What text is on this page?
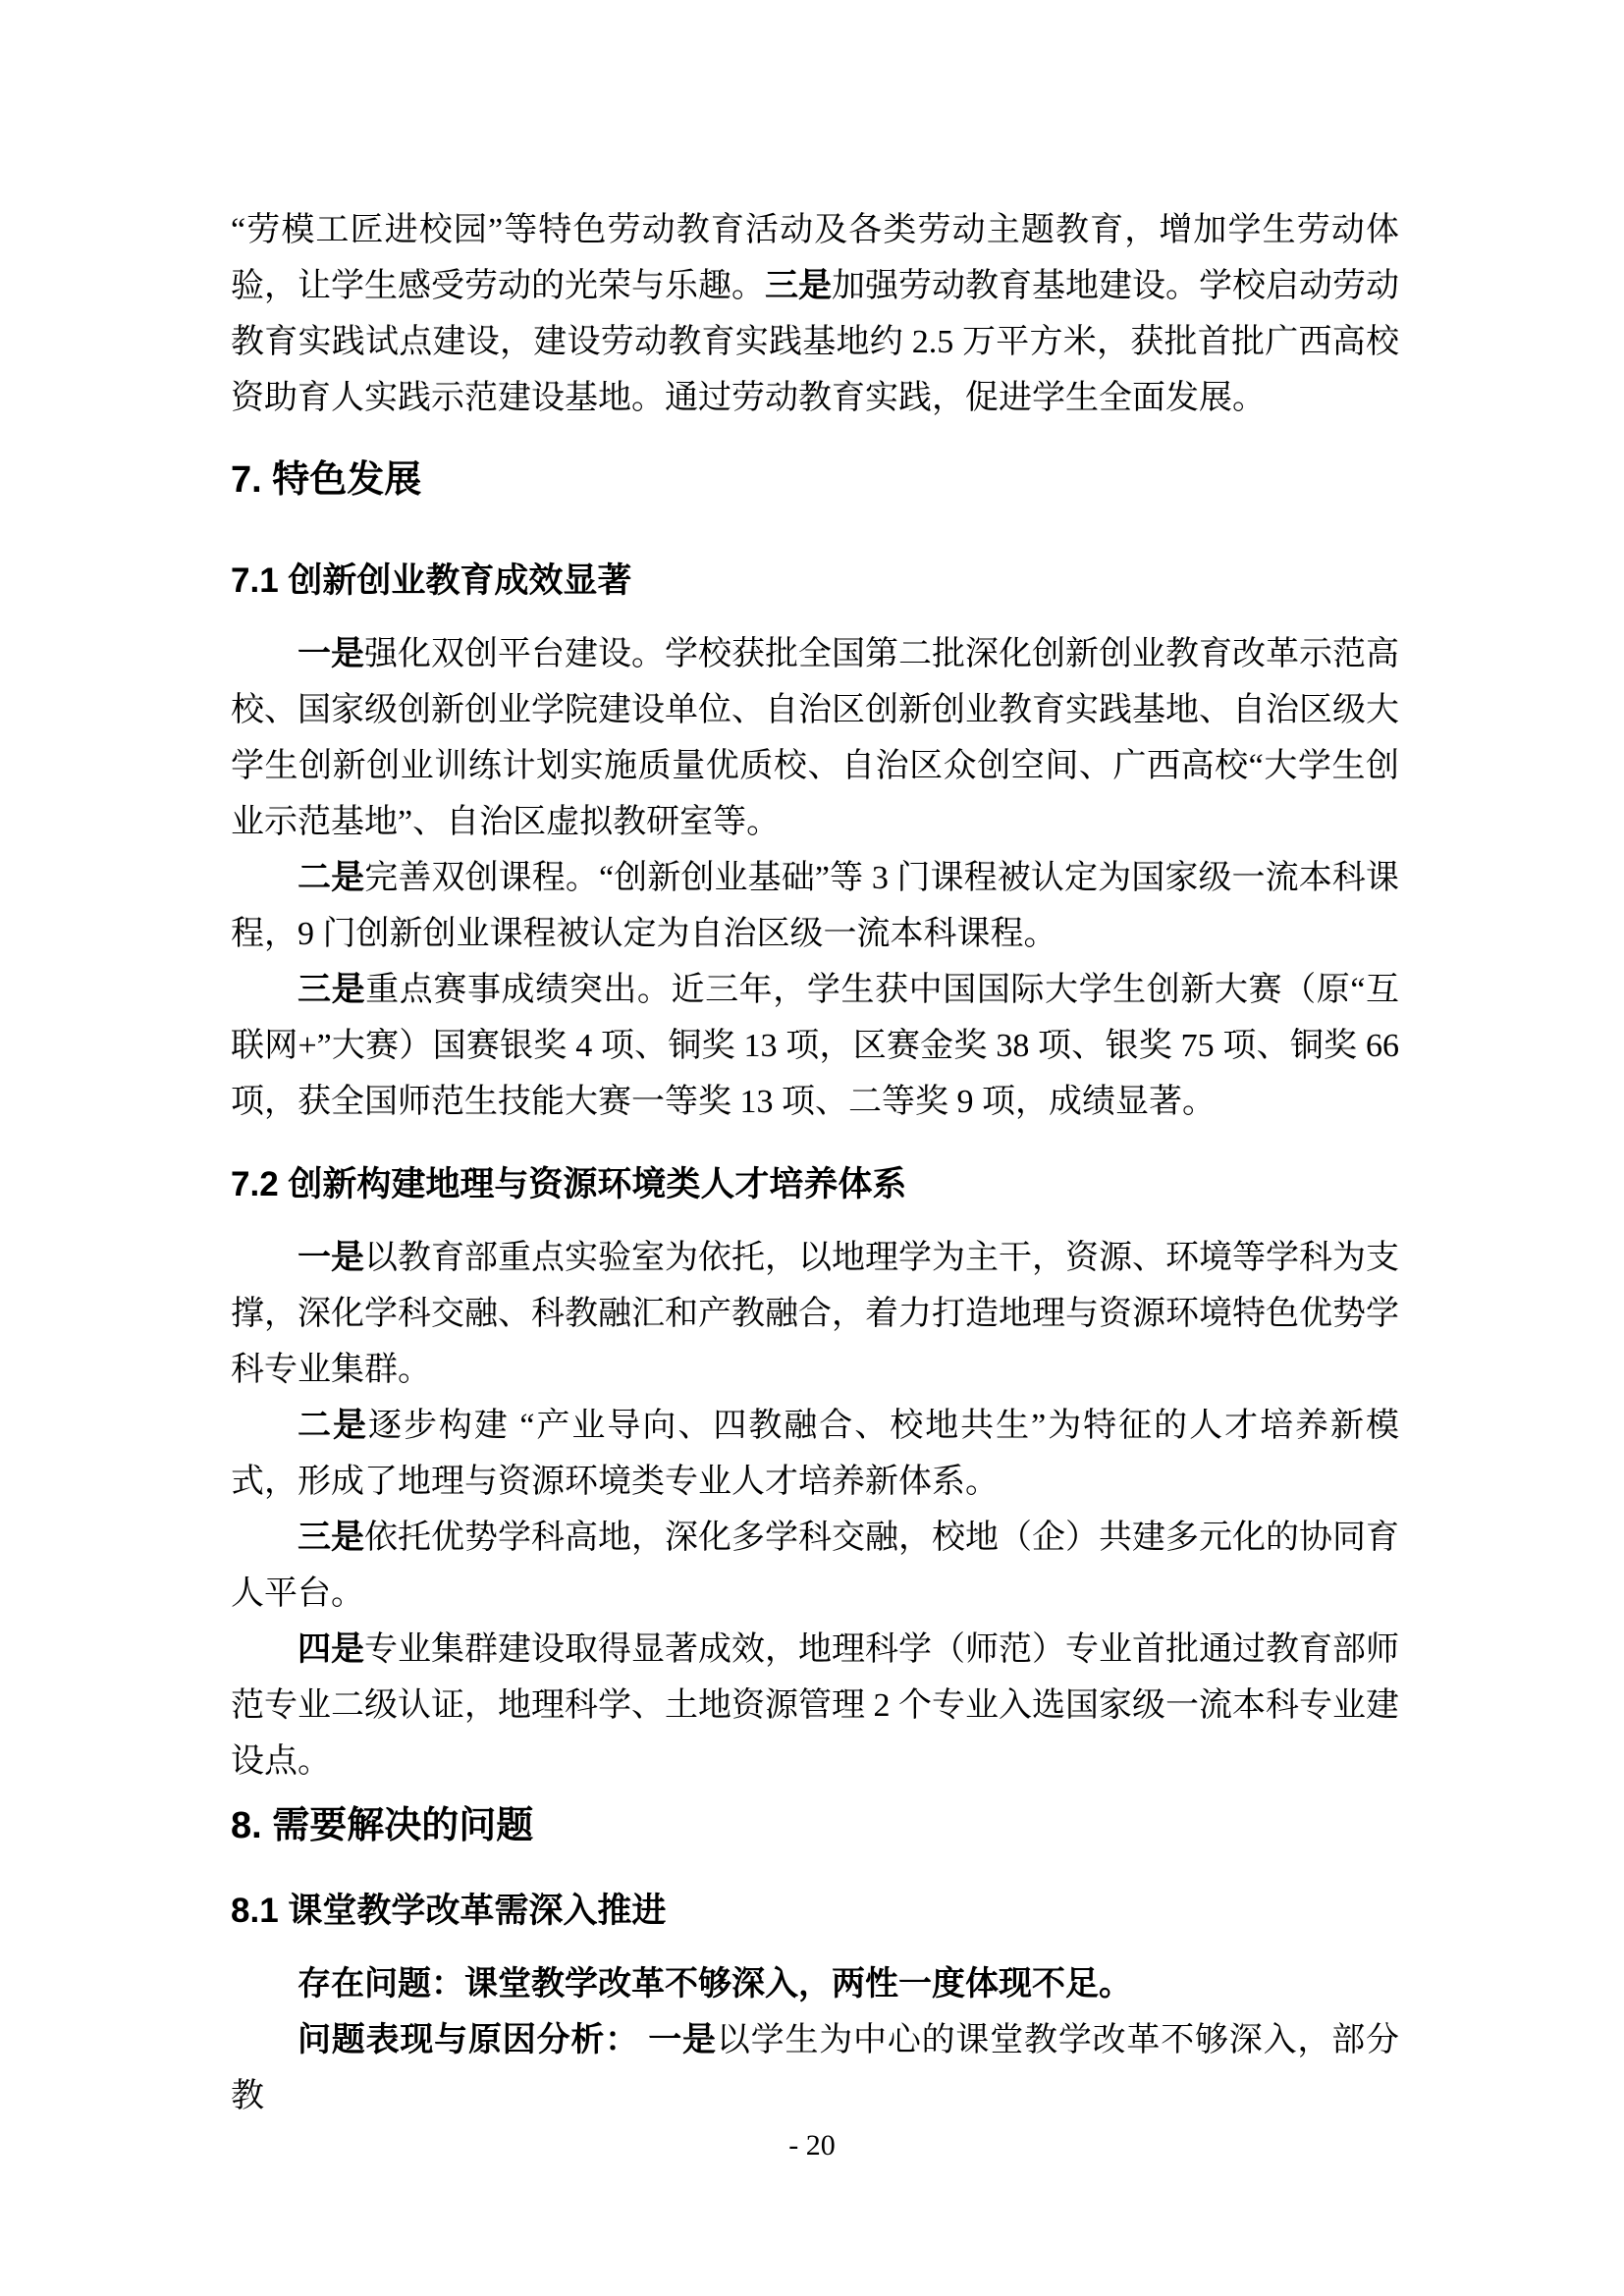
“劳模工匠进校园”等特色劳动教育活动及各类劳动主题教育，增加学生劳动体验，让学生感受劳动的光荣与乐趣。三是加强劳动教育基地建设。学校启动劳动教育实践试点建设，建设劳动教育实践基地约 2.5 万平方米，获批首批广西高校资助育人实践示范建设基地。通过劳动教育实践，促进学生全面发展。

7. 特色发展
7.1 创新创业教育成效显著

一是强化双创平台建设。学校获批全国第二批深化创新创业教育改革示范高校、国家级创新创业学院建设单位、自治区创新创业教育实践基地、自治区级大学生创新创业训练计划实施质量优质校、自治区众创空间、广西高校“大学生创业示范基地”、自治区虚拟教研室等。

二是完善双创课程。“创新创业基础”等 3 门课程被认定为国家级一流本科课程，9 门创新创业课程被认定为自治区级一流本科课程。

三是重点赛事成绩突出。近三年，学生获中国国际大学生创新大赛（原“互联网+”大赛）国赛银奖 4 项、铜奖 13 项，区赛金奖 38 项、银奖 75 项、铜奖 66 项，获全国师范生技能大赛一等奖 13 项、二等奖 9 项，成绩显著。

7.2 创新构建地理与资源环境类人才培养体系

一是以教育部重点实验室为依托，以地理学为主干，资源、环境等学科为支撑，深化学科交融、科教融汇和产教融合，着力打造地理与资源环境特色优势学科专业集群。

二是逐步构建 “产业导向、四教融合、校地共生”为特征的人才培养新模式，形成了地理与资源环境类专业人才培养新体系。

三是依托优势学科高地，深化多学科交融，校地（企）共建多元化的协同育人平台。

四是专业集群建设取得显著成效，地理科学（师范）专业首批通过教育部师范专业二级认证，地理科学、土地资源管理 2 个专业入选国家级一流本科专业建设点。

8. 需要解决的问题
8.1 课堂教学改革需深入推进

存在问题：课堂教学改革不够深入，两性一度体现不足。

问题表现与原因分析： 一是以学生为中心的课堂教学改革不够深入，部分教

- 20
